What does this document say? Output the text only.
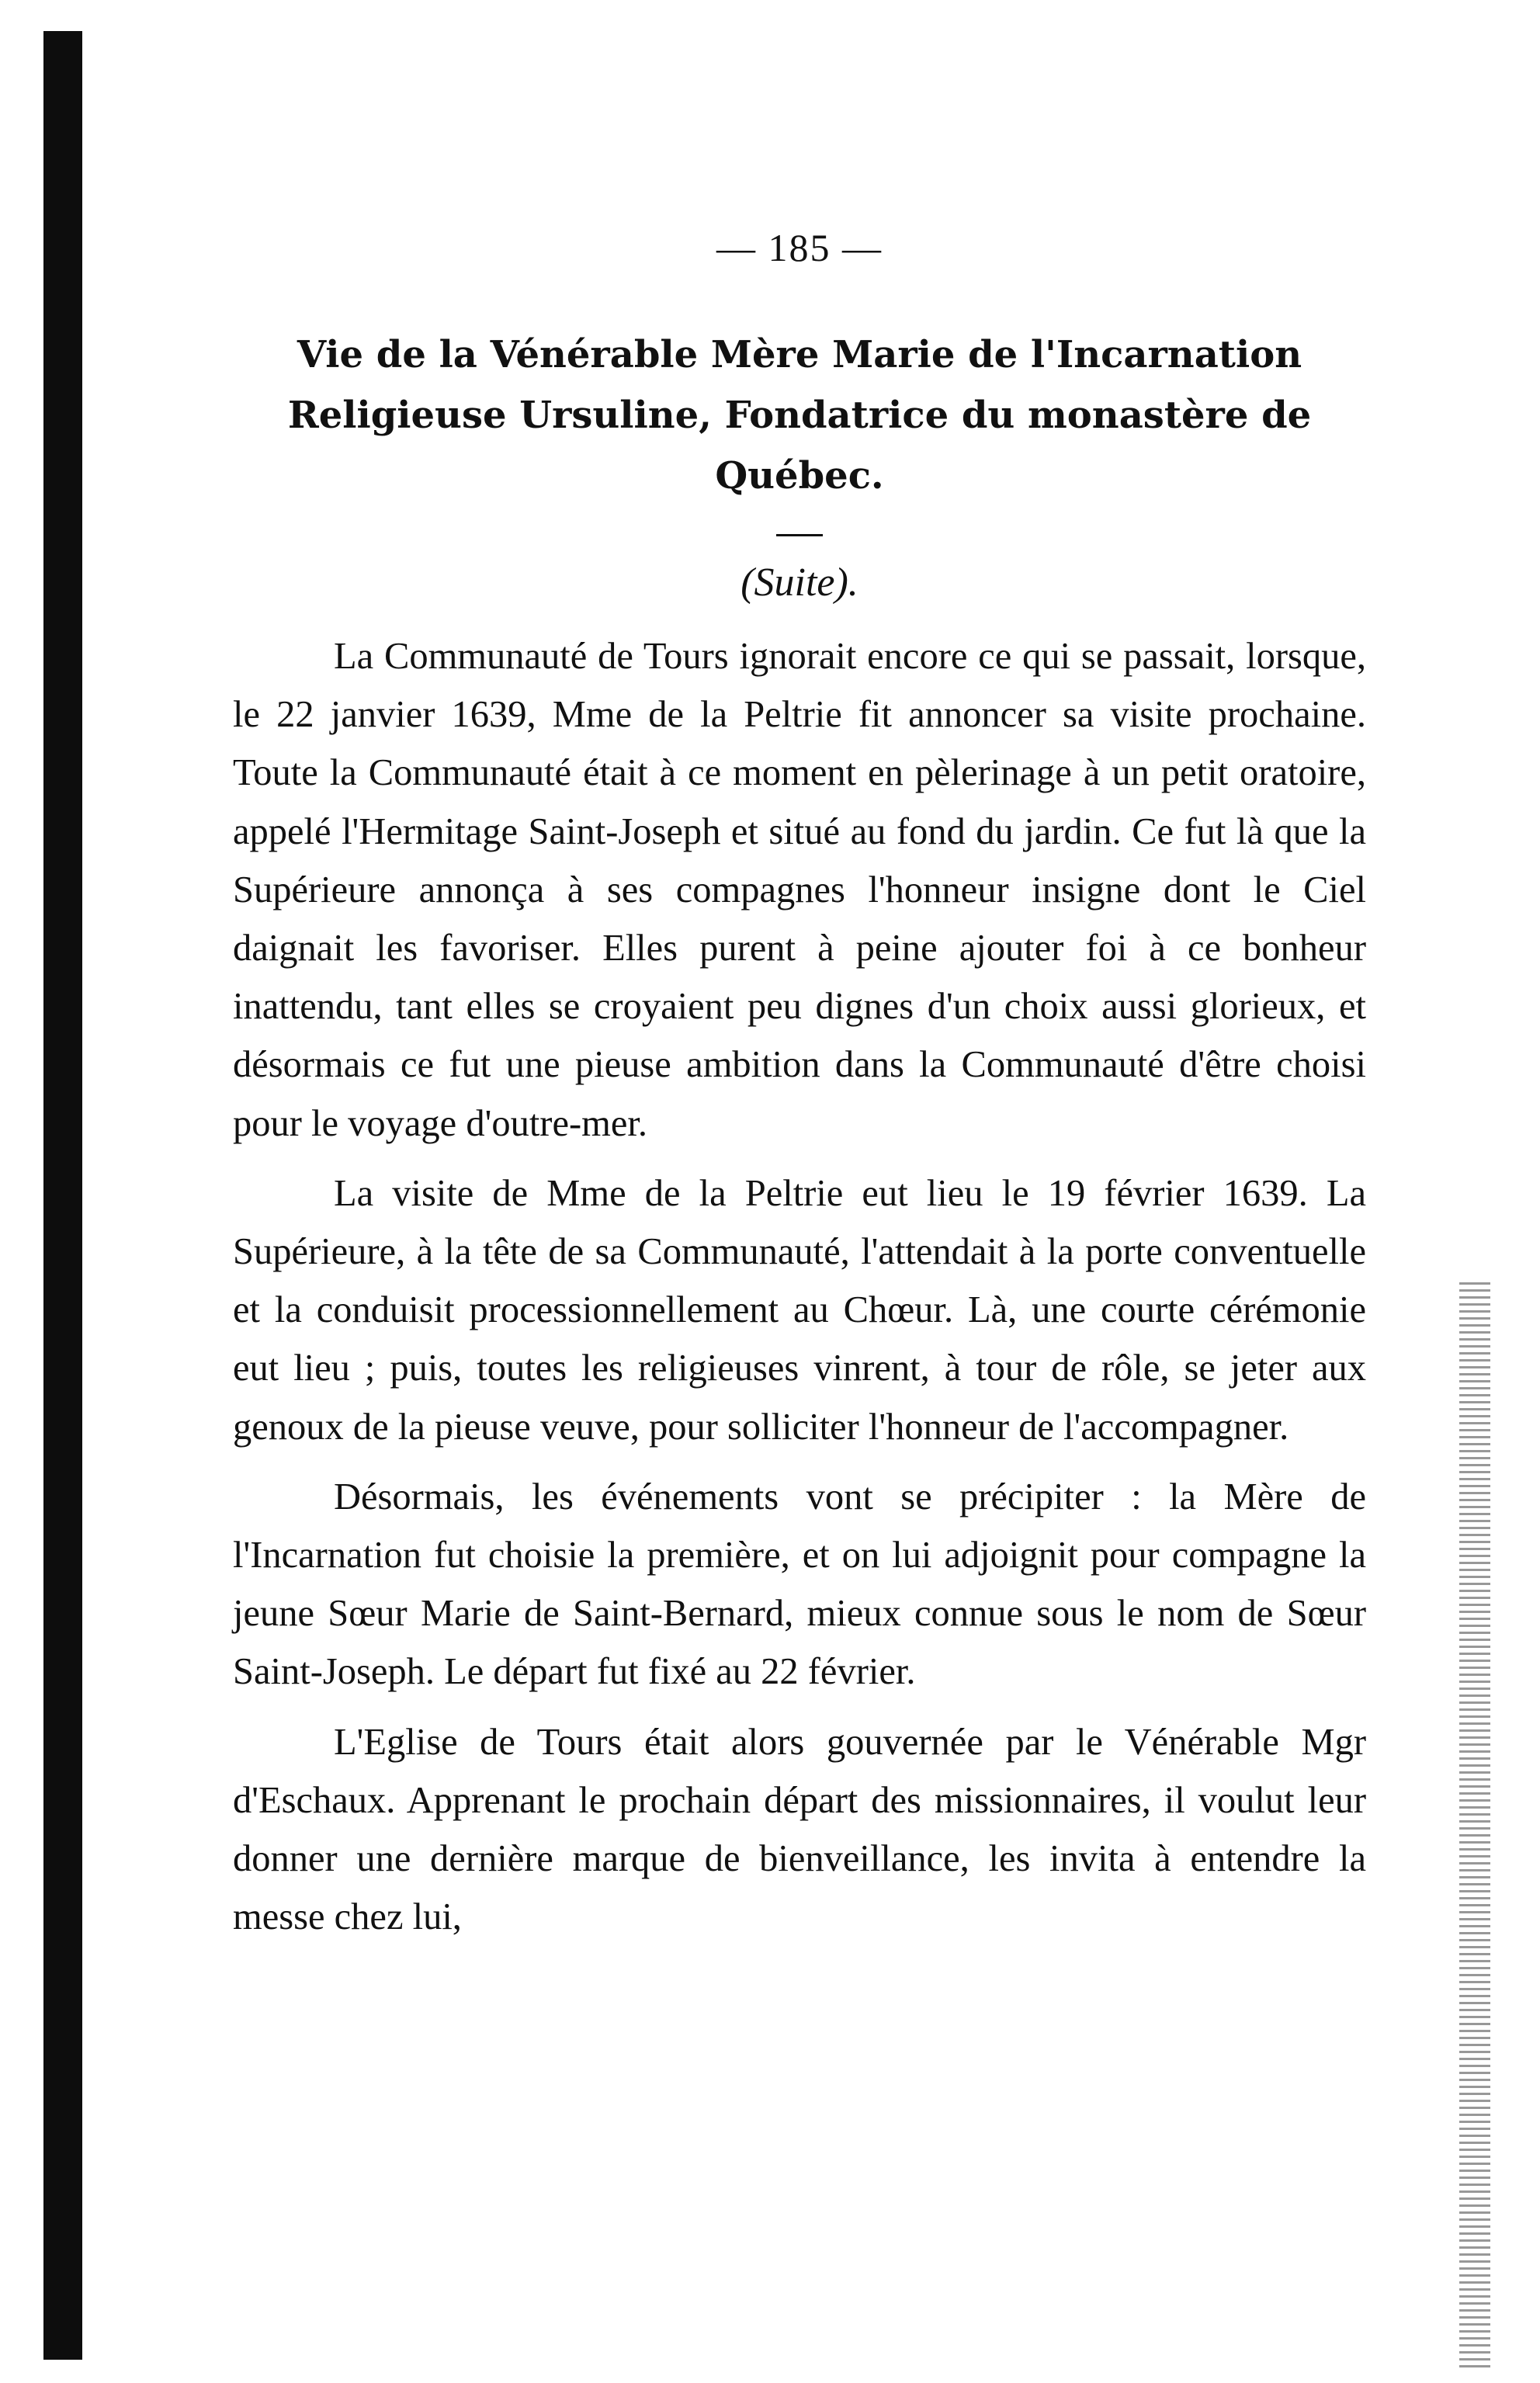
— 185 —
Vie de la Vénérable Mère Marie de l'Incarnation Religieuse Ursuline, Fondatrice du monastère de Québec.
(Suite).

La Communauté de Tours ignorait encore ce qui se passait, lorsque, le 22 janvier 1639, Mme de la Peltrie fit annoncer sa visite prochaine. Toute la Communauté était à ce moment en pèlerinage à un petit oratoire, appelé l'Hermitage Saint-Joseph et situé au fond du jardin. Ce fut là que la Supérieure annonça à ses compagnes l'honneur insigne dont le Ciel daignait les favoriser. Elles purent à peine ajouter foi à ce bonheur inattendu, tant elles se croyaient peu dignes d'un choix aussi glorieux, et désormais ce fut une pieuse ambition dans la Communauté d'être choisi pour le voyage d'outre-mer.

La visite de Mme de la Peltrie eut lieu le 19 février 1639. La Supérieure, à la tête de sa Communauté, l'attendait à la porte conventuelle et la conduisit processionnellement au Chœur. Là, une courte cérémonie eut lieu ; puis, toutes les religieuses vinrent, à tour de rôle, se jeter aux genoux de la pieuse veuve, pour solliciter l'honneur de l'accompagner.

Désormais, les événements vont se précipiter : la Mère de l'Incarnation fut choisie la première, et on lui adjoignit pour compagne la jeune Sœur Marie de Saint-Bernard, mieux connue sous le nom de Sœur Saint-Joseph. Le départ fut fixé au 22 février.

L'Eglise de Tours était alors gouvernée par le Vénérable Mgr d'Eschaux. Apprenant le prochain départ des missionnaires, il voulut leur donner une dernière marque de bienveillance, les invita à entendre la messe chez lui,
